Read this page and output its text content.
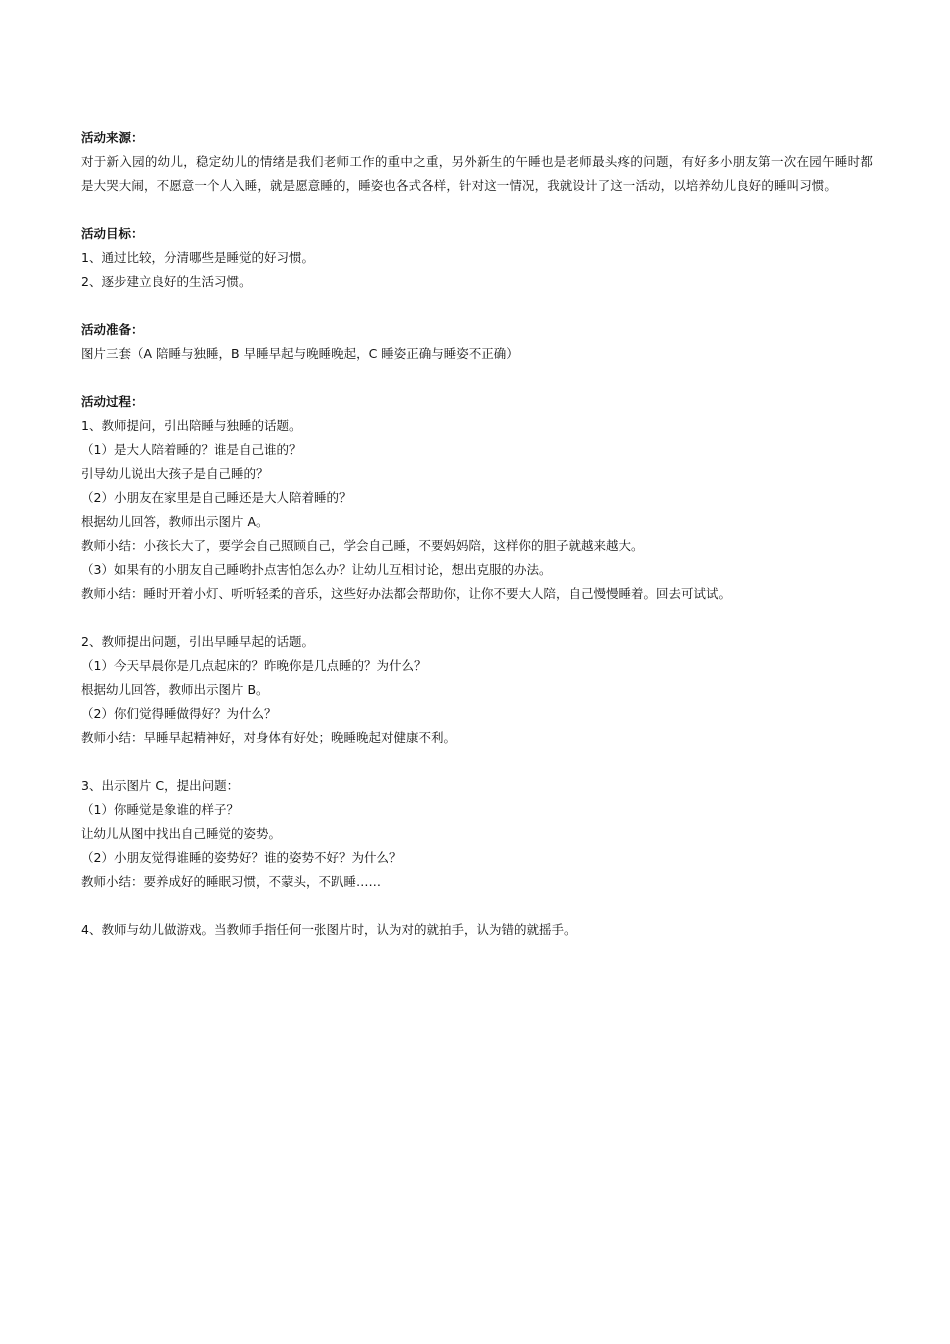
活动来源：

对于新入园的幼儿，稳定幼儿的情绪是我们老师工作的重中之重，另外新生的午睡也是老师最头疼的问题，有好多小朋友第一次在园午睡时都是大哭大闹，不愿意一个人入睡，就是愿意睡的，睡姿也各式各样，针对这一情况，我就设计了这一活动，以培养幼儿良好的睡叫习惯。

活动目标：

1、通过比较，分清哪些是睡觉的好习惯。

2、逐步建立良好的生活习惯。

活动准备：

图片三套（A 陪睡与独睡，B 早睡早起与晚睡晚起，C 睡姿正确与睡姿不正确）

活动过程：

1、教师提问，引出陪睡与独睡的话题。

（1）是大人陪着睡的？谁是自己谁的？

引导幼儿说出大孩子是自己睡的？

（2）小朋友在家里是自己睡还是大人陪着睡的？

根据幼儿回答，教师出示图片 A。

教师小结：小孩长大了，要学会自己照顾自己，学会自己睡，不要妈妈陪，这样你的胆子就越来越大。

（3）如果有的小朋友自己睡哟扑点害怕怎么办？让幼儿互相讨论，想出克服的办法。

教师小结：睡时开着小灯、听听轻柔的音乐，这些好办法都会帮助你，让你不要大人陪，自己慢慢睡着。回去可试试。

2、教师提出问题，引出早睡早起的话题。

（1）今天早晨你是几点起床的？昨晚你是几点睡的？为什么？

根据幼儿回答，教师出示图片 B。

（2）你们觉得睡做得好？为什么？

教师小结：早睡早起精神好，对身体有好处；晚睡晚起对健康不利。

3、出示图片 C，提出问题：

（1）你睡觉是象谁的样子？

让幼儿从图中找出自己睡觉的姿势。

（2）小朋友觉得谁睡的姿势好？谁的姿势不好？为什么？

教师小结：要养成好的睡眠习惯，不蒙头，不趴睡……

4、教师与幼儿做游戏。当教师手指任何一张图片时，认为对的就拍手，认为错的就摇手。
